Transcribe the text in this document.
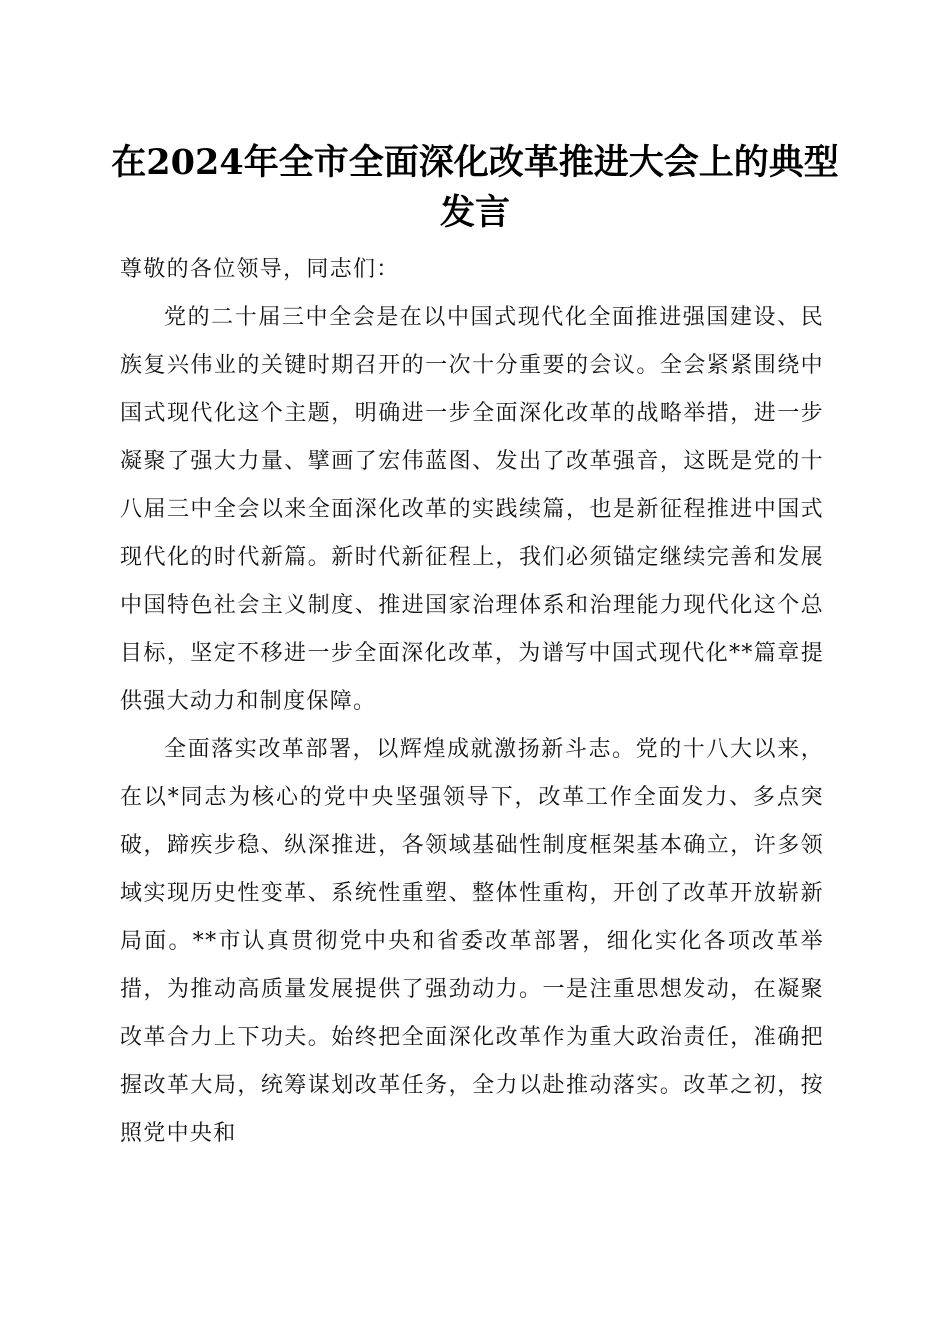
在2024年全市全面深化改革推进大会上的典型发言

尊敬的各位领导，同志们：

党的二十届三中全会是在以中国式现代化全面推进强国建设、民族复兴伟业的关键时期召开的一次十分重要的会议。全会紧紧围绕中国式现代化这个主题，明确进一步全面深化改革的战略举措，进一步凝聚了强大力量、擘画了宏伟蓝图、发出了改革强音，这既是党的十八届三中全会以来全面深化改革的实践续篇，也是新征程推进中国式现代化的时代新篇。新时代新征程上，我们必须锚定继续完善和发展中国特色社会主义制度、推进国家治理体系和治理能力现代化这个总目标，坚定不移进一步全面深化改革，为谱写中国式现代化**篇章提供强大动力和制度保障。

全面落实改革部署，以辉煌成就激扬新斗志。党的十八大以来，在以*同志为核心的党中央坚强领导下，改革工作全面发力、多点突破，蹄疾步稳、纵深推进，各领域基础性制度框架基本确立，许多领域实现历史性变革、系统性重塑、整体性重构，开创了改革开放崭新局面。**市认真贯彻党中央和省委改革部署，细化实化各项改革举措，为推动高质量发展提供了强劲动力。一是注重思想发动，在凝聚改革合力上下功夫。始终把全面深化改革作为重大政治责任，准确把握改革大局，统筹谋划改革任务，全力以赴推动落实。改革之初，按照党中央和
